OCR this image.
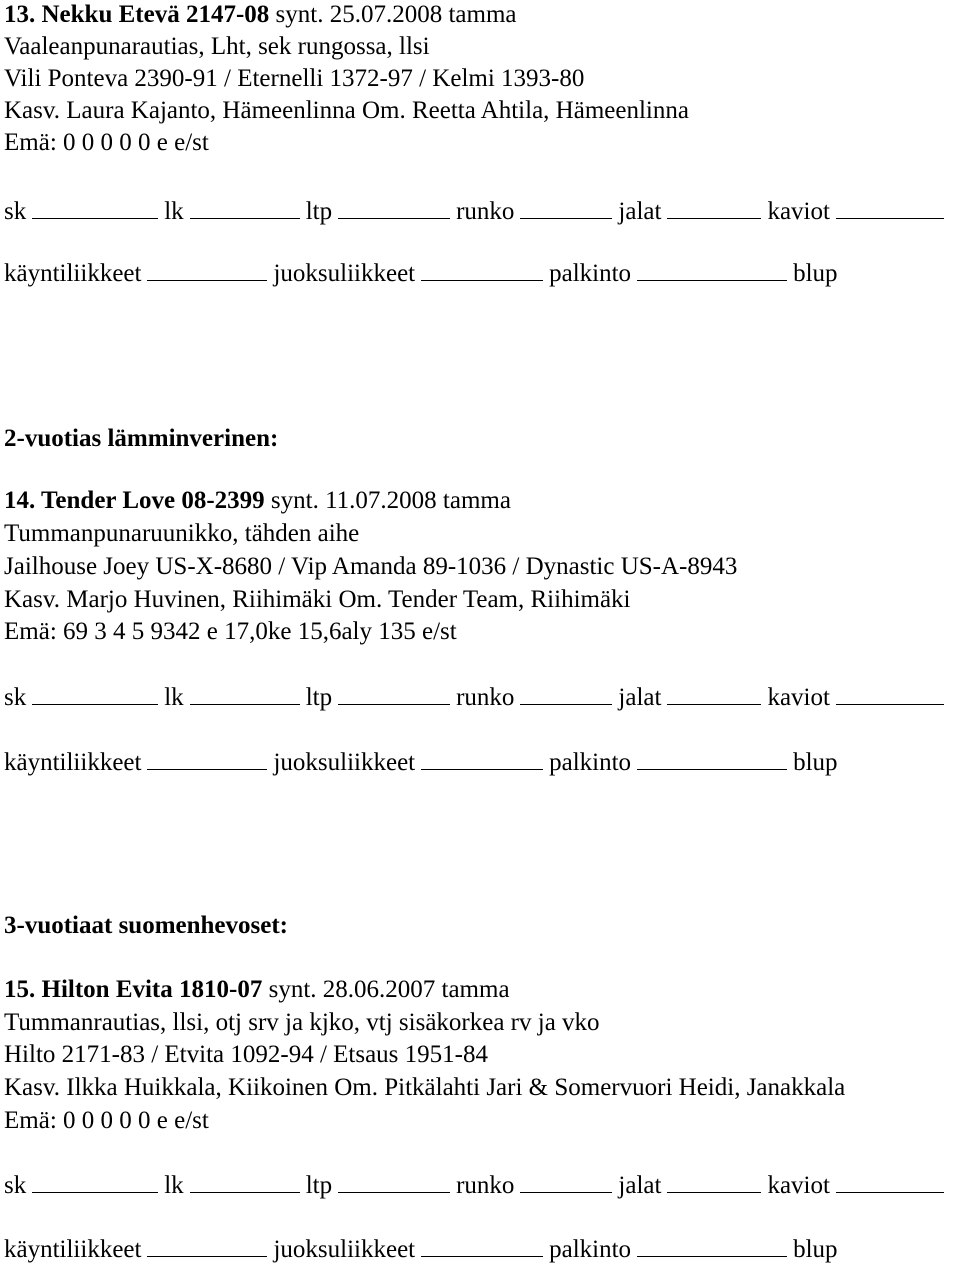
13. Nekku Etevä 2147-08 synt. 25.07.2008 tamma
Vaaleanpunarautias, Lht, sek rungossa, llsi
Vili Ponteva 2390-91 / Eternelli 1372-97 / Kelmi 1393-80
Kasv. Laura Kajanto, Hämeenlinna Om. Reetta Ahtila, Hämeenlinna
Emä: 0 0 0 0 0 e e/st
sk	lk	ltp	runko	jalat	kaviot
käyntiliikkeet	juoksuliikkeet	palkinto	blup
2-vuotias lämminverinen:
14. Tender Love 08-2399 synt. 11.07.2008 tamma
Tummanpunaruunikko, tähden aihe
Jailhouse Joey US-X-8680 / Vip Amanda 89-1036 / Dynastic US-A-8943
Kasv. Marjo Huvinen, Riihimäki Om. Tender Team, Riihimäki
Emä: 69 3 4 5 9342 e 17,0ke 15,6aly 135 e/st
sk	lk	ltp	runko	jalat	kaviot
käyntiliikkeet	juoksuliikkeet	palkinto	blup
3-vuotiaat suomenhevoset:
15. Hilton Evita 1810-07 synt. 28.06.2007 tamma
Tummanrautias, llsi, otj srv ja kjko, vtj sisäkorkea rv ja vko
Hilto 2171-83 / Etvita 1092-94 / Etsaus 1951-84
Kasv. Ilkka Huikkala, Kiikoinen Om. Pitkälahti Jari & Somervuori Heidi, Janakkala
Emä: 0 0 0 0 0 e e/st
sk	lk	ltp	runko	jalat	kaviot
käyntiliikkeet	juoksuliikkeet	palkinto	blup
